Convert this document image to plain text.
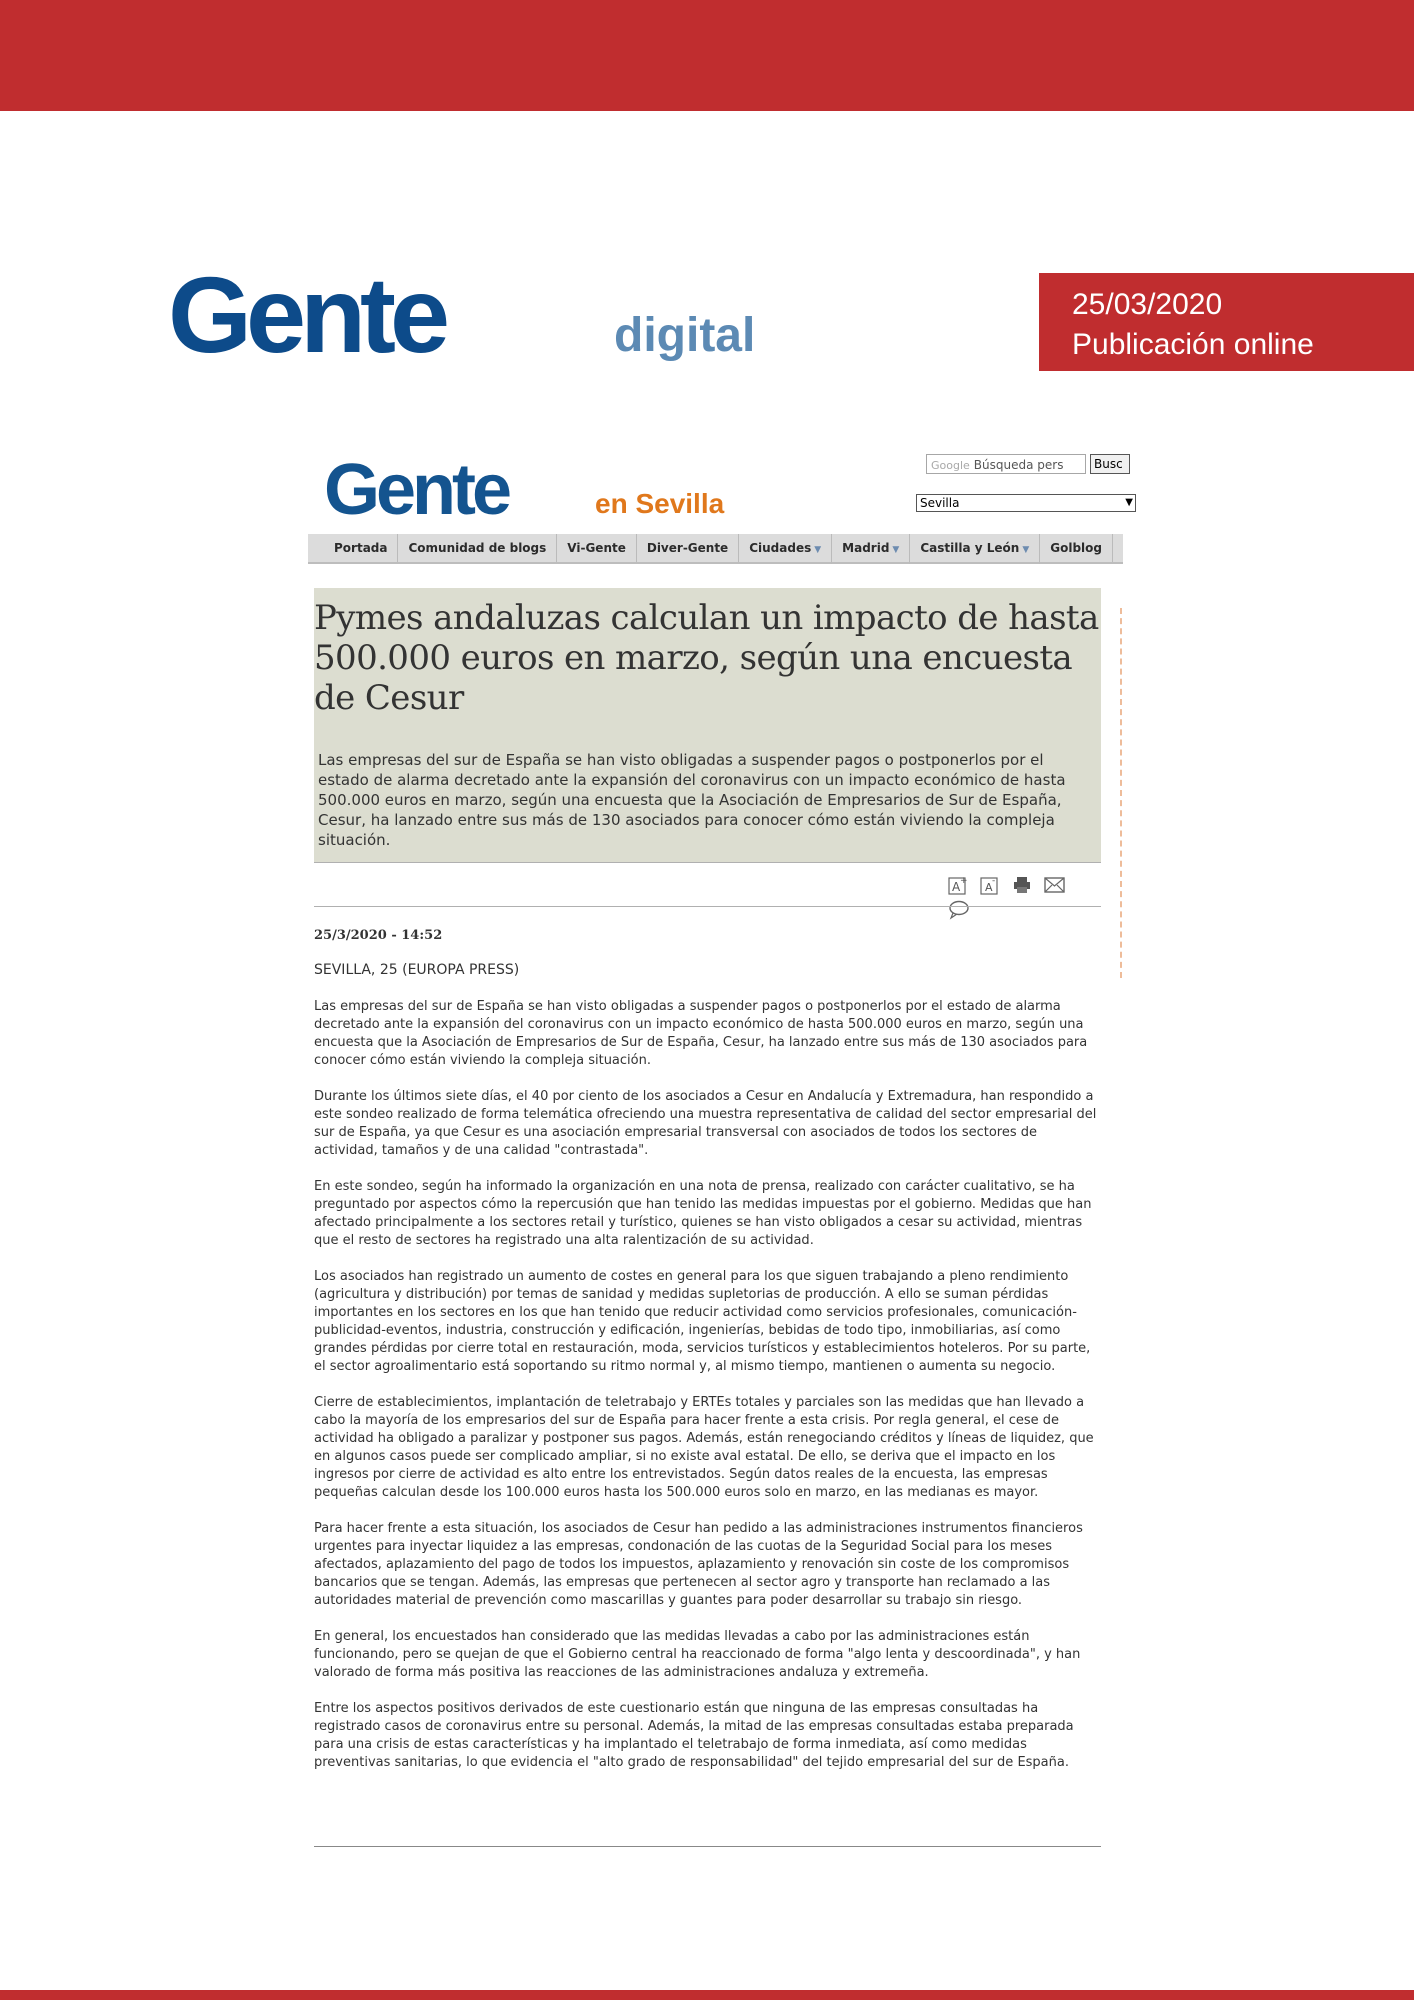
Gente	digital
25/03/2020
Publicación online
Gente	en Sevilla
Google Búsqueda pers	Busc
Sevilla	▼
Portada Comunidad de blogs Vi-Gente Diver-Gente Ciudades ▼ Madrid ▼ Castilla y León ▼ Golblog
Pymes andaluzas calculan un impacto de hasta 500.000 euros en marzo, según una encuesta de Cesur
Las empresas del sur de España se han visto obligadas a suspender pagos o postponerlos por el estado de alarma decretado ante la expansión del coronavirus con un impacto económico de hasta 500.000 euros en marzo, según una encuesta que la Asociación de Empresarios de Sur de España, Cesur, ha lanzado entre sus más de 130 asociados para conocer cómo están viviendo la compleja situación.
A +
A -

25/3/2020 - 14:52
SEVILLA, 25 (EUROPA PRESS)

Las empresas del sur de España se han visto obligadas a suspender pagos o postponerlos por el estado de alarma decretado ante la expansión del coronavirus con un impacto económico de hasta 500.000 euros en marzo, según una encuesta que la Asociación de Empresarios de Sur de España, Cesur, ha lanzado entre sus más de 130 asociados para conocer cómo están viviendo la compleja situación.

Durante los últimos siete días, el 40 por ciento de los asociados a Cesur en Andalucía y Extremadura, han respondido a este sondeo realizado de forma telemática ofreciendo una muestra representativa de calidad del sector empresarial del sur de España, ya que Cesur es una asociación empresarial transversal con asociados de todos los sectores de actividad, tamaños y de una calidad "contrastada".

En este sondeo, según ha informado la organización en una nota de prensa, realizado con carácter cualitativo, se ha preguntado por aspectos cómo la repercusión que han tenido las medidas impuestas por el gobierno. Medidas que han afectado principalmente a los sectores retail y turístico, quienes se han visto obligados a cesar su actividad, mientras que el resto de sectores ha registrado una alta ralentización de su actividad.

Los asociados han registrado un aumento de costes en general para los que siguen trabajando a pleno rendimiento (agricultura y distribución) por temas de sanidad y medidas supletorias de producción. A ello se suman pérdidas importantes en los sectores en los que han tenido que reducir actividad como servicios profesionales, comunicación-publicidad-eventos, industria, construcción y edificación, ingenierías, bebidas de todo tipo, inmobiliarias, así como grandes pérdidas por cierre total en restauración, moda, servicios turísticos y establecimientos hoteleros. Por su parte, el sector agroalimentario está soportando su ritmo normal y, al mismo tiempo, mantienen o aumenta su negocio.

Cierre de establecimientos, implantación de teletrabajo y ERTEs totales y parciales son las medidas que han llevado a cabo la mayoría de los empresarios del sur de España para hacer frente a esta crisis. Por regla general, el cese de actividad ha obligado a paralizar y postponer sus pagos. Además, están renegociando créditos y líneas de liquidez, que en algunos casos puede ser complicado ampliar, si no existe aval estatal. De ello, se deriva que el impacto en los ingresos por cierre de actividad es alto entre los entrevistados. Según datos reales de la encuesta, las empresas pequeñas calculan desde los 100.000 euros hasta los 500.000 euros solo en marzo, en las medianas es mayor.

Para hacer frente a esta situación, los asociados de Cesur han pedido a las administraciones instrumentos financieros urgentes para inyectar liquidez a las empresas, condonación de las cuotas de la Seguridad Social para los meses afectados, aplazamiento del pago de todos los impuestos, aplazamiento y renovación sin coste de los compromisos bancarios que se tengan. Además, las empresas que pertenecen al sector agro y transporte han reclamado a las autoridades material de prevención como mascarillas y guantes para poder desarrollar su trabajo sin riesgo.

En general, los encuestados han considerado que las medidas llevadas a cabo por las administraciones están funcionando, pero se quejan de que el Gobierno central ha reaccionado de forma "algo lenta y descoordinada", y han valorado de forma más positiva las reacciones de las administraciones andaluza y extremeña.

Entre los aspectos positivos derivados de este cuestionario están que ninguna de las empresas consultadas ha registrado casos de coronavirus entre su personal. Además, la mitad de las empresas consultadas estaba preparada para una crisis de estas características y ha implantado el teletrabajo de forma inmediata, así como medidas preventivas sanitarias, lo que evidencia el "alto grado de responsabilidad" del tejido empresarial del sur de España.
